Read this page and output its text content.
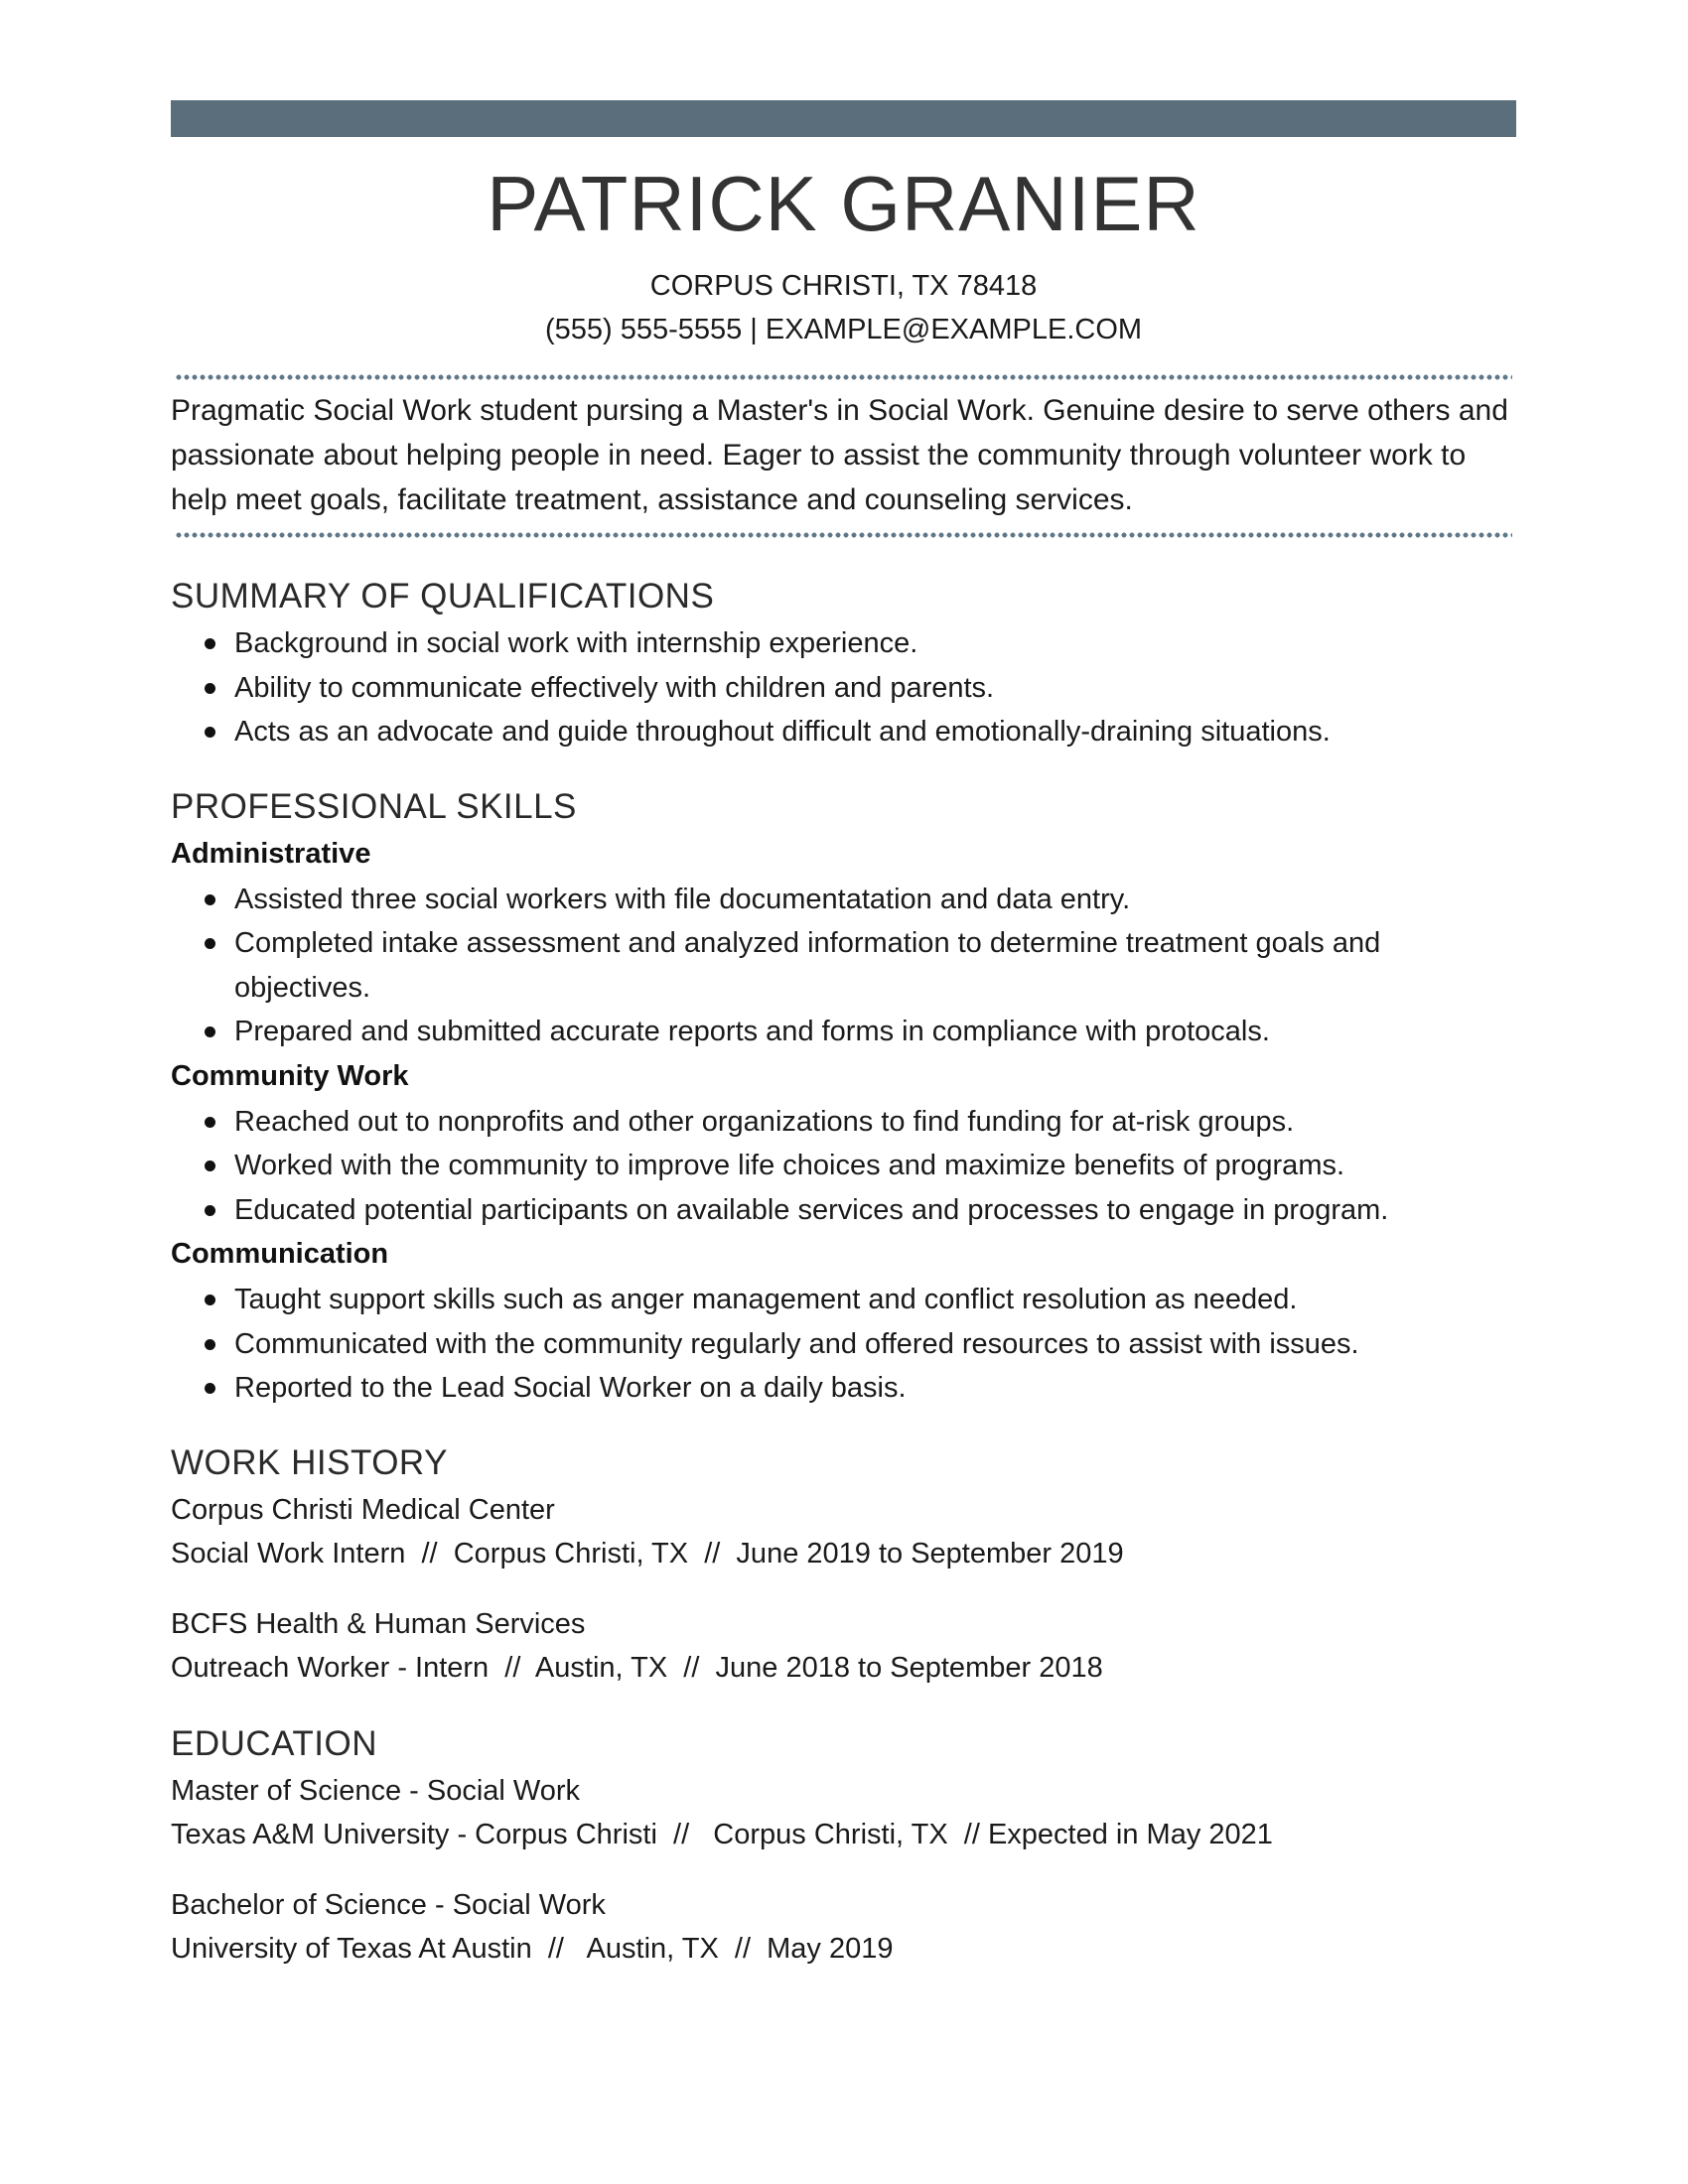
PATRICK GRANIER
CORPUS CHRISTI, TX 78418
(555) 555-5555 | EXAMPLE@EXAMPLE.COM

Pragmatic Social Work student pursing a Master's in Social Work. Genuine desire to serve others and passionate about helping people in need. Eager to assist the community through volunteer work to help meet goals, facilitate treatment, assistance and counseling services.

SUMMARY OF QUALIFICATIONS
Background in social work with internship experience.
Ability to communicate effectively with children and parents.
Acts as an advocate and guide throughout difficult and emotionally-draining situations.
PROFESSIONAL SKILLS
Administrative
Assisted three social workers with file documentatation and data entry.
Completed intake assessment and analyzed information to determine treatment goals and objectives.
Prepared and submitted accurate reports and forms in compliance with protocals.
Community Work
Reached out to nonprofits and other organizations to find funding for at-risk groups.
Worked with the community to improve life choices and maximize benefits of programs.
Educated potential participants on available services and processes to engage in program.
Communication
Taught support skills such as anger management and conflict resolution as needed.
Communicated with the community regularly and offered resources to assist with issues.
Reported to the Lead Social Worker on a daily basis.
WORK HISTORY
Corpus Christi Medical Center
Social Work Intern  //  Corpus Christi, TX  //  June 2019 to September 2019
BCFS Health & Human Services
Outreach Worker - Intern  //  Austin, TX  //  June 2018 to September 2018
EDUCATION
Master of Science - Social Work
Texas A&M University - Corpus Christi  //   Corpus Christi, TX  // Expected in May 2021
Bachelor of Science - Social Work
University of Texas At Austin  //   Austin, TX  //  May 2019
